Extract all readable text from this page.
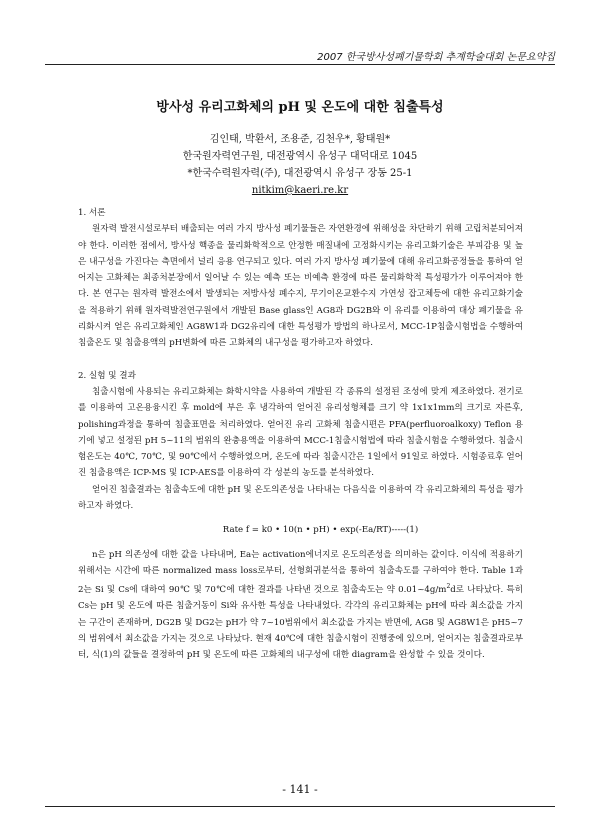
2007 한국방사성폐기물학회 추계학술대회 논문요약집
방사성 유리고화체의 pH 및 온도에 대한 침출특성
김인태, 박환서, 조용준, 김천우*, 황태원*
한국원자력연구원, 대전광역시 유성구 대덕대로 1045
*한국수력원자력(주), 대전광역시 유성구 장동 25-1
nitkim@kaeri.re.kr

1. 서론

원자력 발전시설로부터 배출되는 여러 가지 방사성 폐기물들은 자연환경에 위해성을 차단하기 위해 고립처분되어져야 한다. 이러한 점에서, 방사성 핵종을 물리화학적으로 안정한 매질내에 고정화시키는 유리고화기술은 부피감용 및 높은 내구성을 가진다는 측면에서 널리 응용 연구되고 있다. 여러 가지 방사성 폐기물에 대해 유리고화공정들을 통하여 얻어지는 고화체는 최종처분장에서 일어날 수 있는 예측 또는 비예측 환경에 따른 물리화학적 특성평가가 이루어져야 한다. 본 연구는 원자력 발전소에서 발생되는 저방사성 폐수지, 무기이온교환수지 가연성 잡고체등에 대한 유리고화기술을 적용하기 위해 원자력발전연구원에서 개발된 Base glass인 AG8과 DG2B와 이 유리를 이용하여 대상 폐기물을 유리화시켜 얻은 유리고화체인 AG8W1과 DG2유리에 대한 특성평가 방법의 하나로서, MCC-1P침출시험법을 수행하여 침출온도 및 침출용액의 pH변화에 따른 고화체의 내구성을 평가하고자 하였다.

2. 실험 및 결과

침출시험에 사용되는 유리고화체는 화학시약을 사용하여 개발된 각 종류의 설정된 조성에 맞게 제조하였다. 전기로를 이용하여 고온용융시킨 후 mold에 부은 후 냉각하여 얻어진 유리성형체를 크기 약 1x1x1mm의 크기로 자른후, polishing과정을 통하여 침출표면을 처리하였다. 얻어진 유리 고화체 침출시편은 PFA(perfluoroalkoxy) Teflon 용기에 넣고 설정된 pH 5~11의 범위의 완충용액을 이용하여 MCC-1침출시험법에 따라 침출시험을 수행하였다. 침출시험온도는 40℃, 70℃, 및 90℃에서 수행하였으며, 온도에 따라 침출시간은 1일에서 91일로 하였다. 시험종료후 얻어진 침출용액은 ICP-MS 및 ICP-AES를 이용하여 각 성분의 농도를 분석하였다.

얻어진 침출결과는 침출속도에 대한 pH 및 온도의존성을 나타내는 다음식을 이용하여 각 유리고화체의 특성을 평가하고자 하였다.

Rate f = k0 • 10(n • pH) • exp(-Ea/RT)-----(1)

n은 pH 의존성에 대한 값을 나타내며, Ea는 activation에너지로 온도의존성을 의미하는 값이다. 이식에 적용하기 위해서는 시간에 따른 normalized mass loss로부터, 선형회귀분석을 통하여 침출속도를 구하여야 한다. Table 1과 2는 Si 및 Cs에 대하여 90℃ 및 70℃에 대한 결과를 나타낸 것으로 침출속도는 약 $0.01\sim 4g/m^2d$로 나타났다. 특히 Cs는 pH 및 온도에 따른 침출거동이 Si와 유사한 특성을 나타내었다. 각각의 유리고화체는 pH에 따라 최소값을 가지는 구간이 존재하며, DG2B 및 DG2는 pH가 약 7~10범위에서 최소값을 가지는 반면에, AG8 및 AG8W1은 pH5~7의 범위에서 최소값을 가지는 것으로 나타났다. 현재 40℃에 대한 침출시험이 진행중에 있으며, 얻어지는 침출결과로부터, 식(1)의 값들을 결정하여 pH 및 온도에 따른 고화체의 내구성에 대한 diagram을 완성할 수 있을 것이다.

- 141 -
